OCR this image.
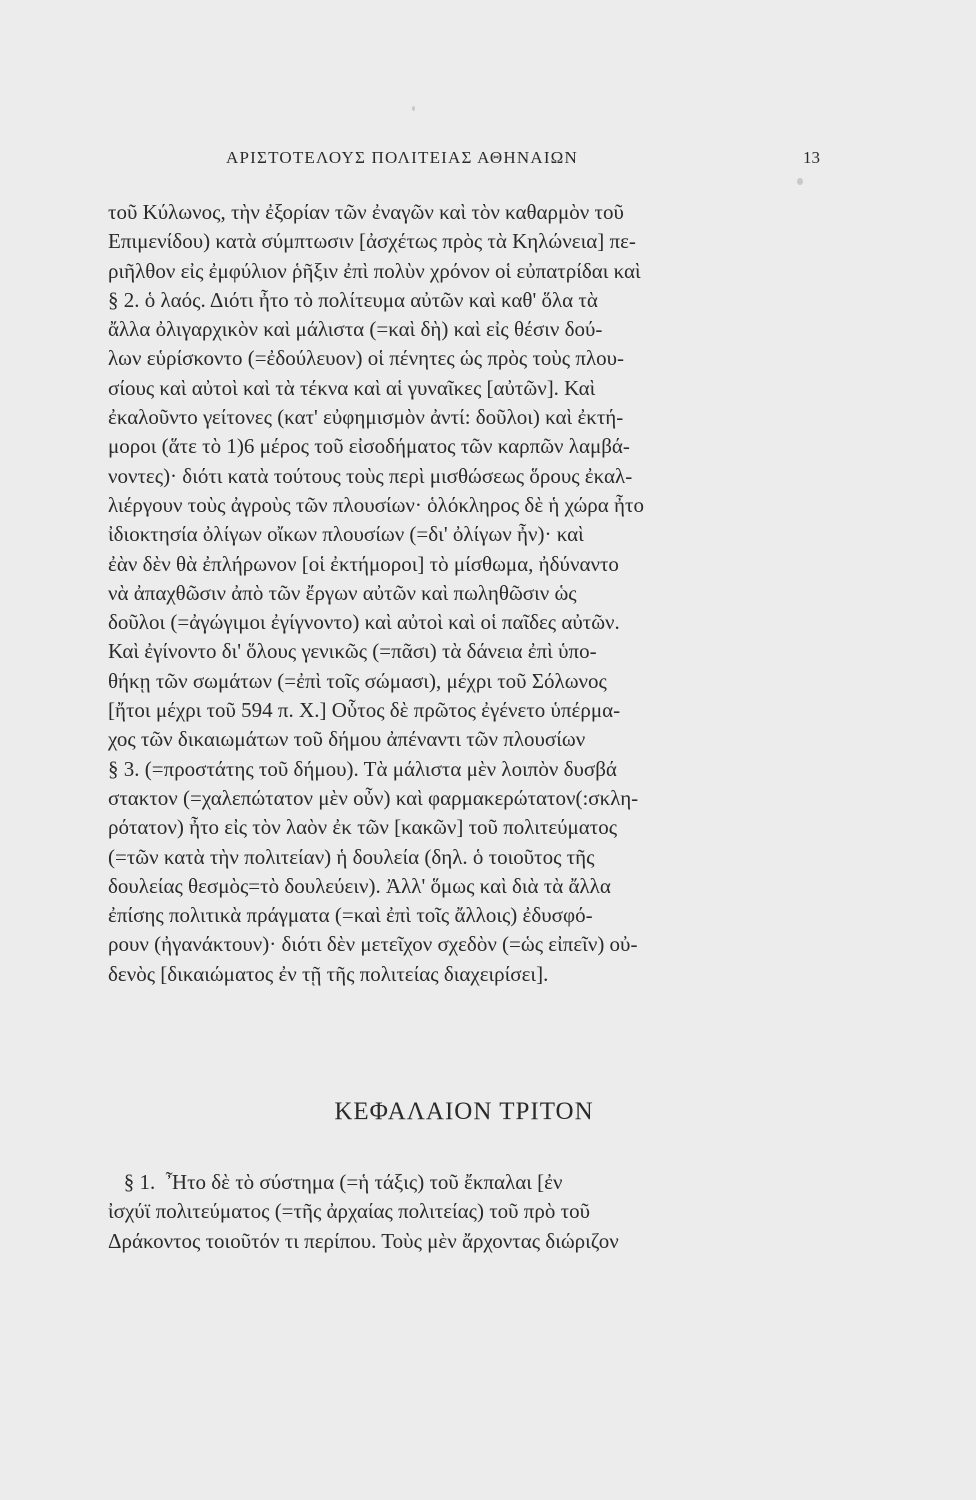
ΑΡΙΣΤΟΤΕΛΟΥΣ ΠΟΛΙΤΕΙΑΣ ΑΘΗΝΑΙΩΝ	13
τοῦ Κύλωνος, τὴν ἐξορίαν τῶν ἐναγῶν καὶ τὸν καθαρμὸν τοῦ
Επιμενίδου) κατὰ σύμπτωσιν [ἀσχέτως πρὸς τὰ Κηλώνεια] πε-
ριῆλθον εἰς ἐμφύλιον ῥῆξιν ἐπὶ πολὺν χρόνον οἱ εὐπατρίδαι καὶ
§ 2. ὁ λαός. Διότι ἦτο τὸ πολίτευμα αὐτῶν καὶ καθ' ὅλα τὰ
ἄλλα ὀλιγαρχικὸν καὶ μάλιστα (=καὶ δὴ) καὶ εἰς θέσιν δού-
λων εὑρίσκοντο (=ἐδούλευον) οἱ πένητες ὡς πρὸς τοὺς πλου-
σίους καὶ αὐτοὶ καὶ τὰ τέκνα καὶ αἱ γυναῖκες [αὐτῶν]. Καὶ
ἐκαλοῦντο γείτονες (κατ' εὐφημισμὸν ἀντί: δοῦλοι) καὶ ἐκτή-
μοροι (ἅτε τὸ 1)6 μέρος τοῦ εἰσοδήματος τῶν καρπῶν λαμβά-
νοντες)· διότι κατὰ τούτους τοὺς περὶ μισθώσεως ὅρους ἐκαλ-
λιέργουν τοὺς ἀγροὺς τῶν πλουσίων· ὁλόκληρος δὲ ἡ χώρα ἦτο
ἰδιοκτησία ὀλίγων οἴκων πλουσίων (=δι' ὀλίγων ἦν)· καὶ
ἐὰν δὲν θὰ ἐπλήρωνον [οἱ ἐκτήμοροι] τὸ μίσθωμα, ἠδύναντο
νὰ ἀπαχθῶσιν ἀπὸ τῶν ἔργων αὐτῶν καὶ πωληθῶσιν ὡς
δοῦλοι (=ἀγώγιμοι ἐγίγνοντο) καὶ αὐτοὶ καὶ οἱ παῖδες αὐτῶν.
Καὶ ἐγίνοντο δι' ὅλους γενικῶς (=πᾶσι) τὰ δάνεια ἐπὶ ὑπο-
θήκῃ τῶν σωμάτων (=ἐπὶ τοῖς σώμασι), μέχρι τοῦ Σόλωνος
[ἤτοι μέχρι τοῦ 594 π. Χ.] Οὗτος δὲ πρῶτος ἐγένετο ὑπέρμα-
χος τῶν δικαιωμάτων τοῦ δήμου ἀπέναντι τῶν πλουσίων
§ 3. (=προστάτης τοῦ δήμου). Τὰ μάλιστα μὲν λοιπὸν δυσβά
στακτον (=χαλεπώτατον μὲν οὖν) καὶ φαρμακερώτατον(:σκλη-
ρότατον) ἦτο εἰς τὸν λαὸν ἐκ τῶν [κακῶν] τοῦ πολιτεύματος
(=τῶν κατὰ τὴν πολιτείαν) ἡ δουλεία (δηλ. ὁ τοιοῦτος τῆς
δουλείας θεσμὸς=τὸ δουλεύειν). Ἀλλ' ὅμως καὶ διὰ τὰ ἄλλα
ἐπίσης πολιτικὰ πράγματα (=καὶ ἐπὶ τοῖς ἄλλοις) ἐδυσφό-
ρουν (ἠγανάκτουν)· διότι δὲν μετεῖχον σχεδὸν (=ὡς εἰπεῖν) οὐ-
δενὸς [δικαιώματος ἐν τῇ τῆς πολιτείας διαχειρίσει].
ΚΕΦΑΛΑΙΟΝ ΤΡΙΤΟΝ
§ 1.  Ἦτο δὲ τὸ σύστημα (=ἡ τάξις) τοῦ ἔκπαλαι [ἐν
ἰσχύϊ πολιτεύματος (=τῆς ἀρχαίας πολιτείας) τοῦ πρὸ τοῦ
Δράκοντος τοιοῦτόν τι περίπου. Τοὺς μὲν ἄρχοντας διώριζον
